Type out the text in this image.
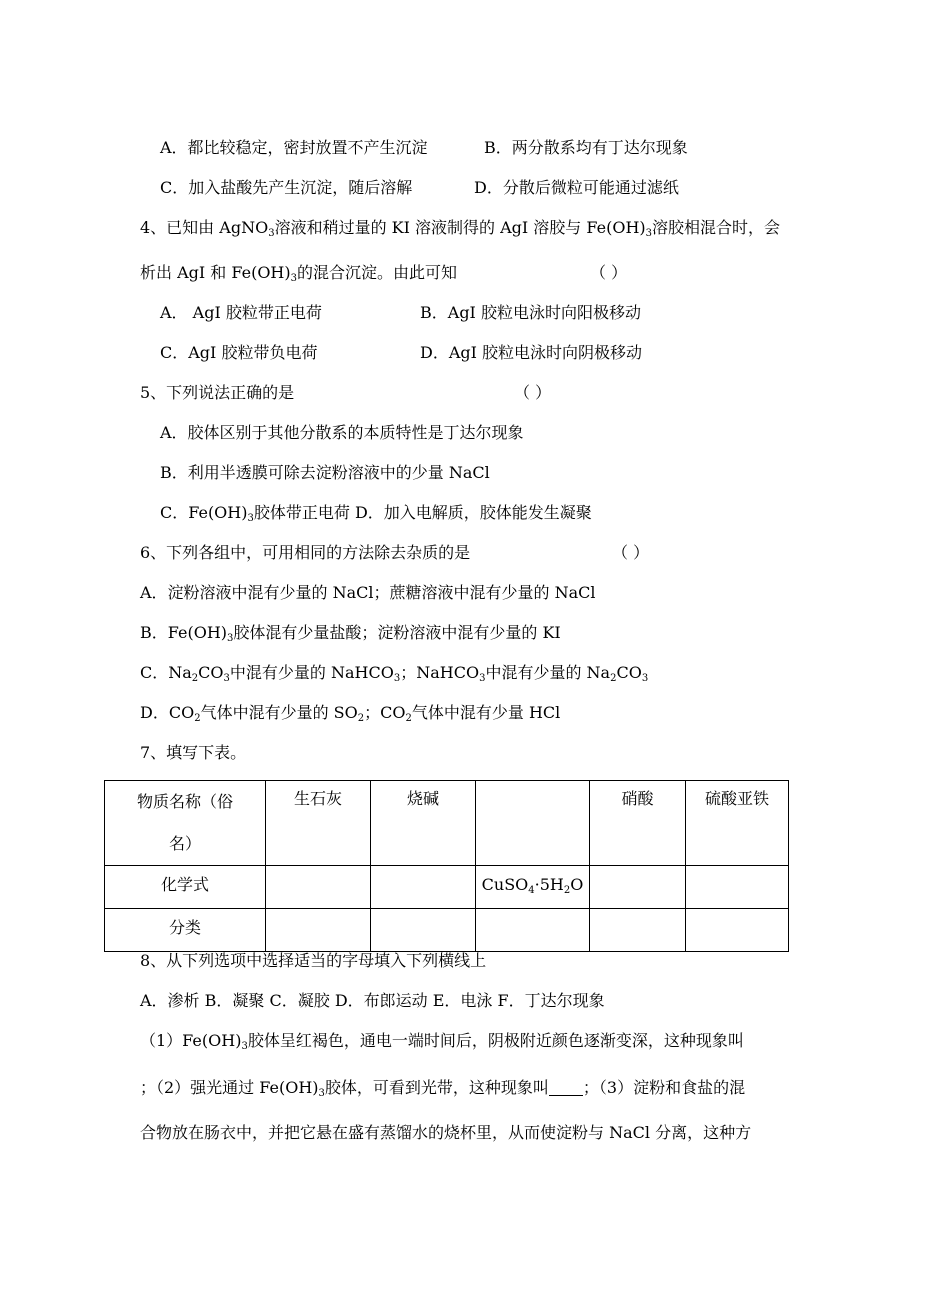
A．都比较稳定，密封放置不产生沉淀	B．两分散系均有丁达尔现象
C．加入盐酸先产生沉淀，随后溶解	D．分散后微粒可能通过滤纸
4、已知由 AgNO$_3$溶液和稍过量的 KI 溶液制得的 AgI 溶胶与 $Fe(OH)_3$溶胶相混合时，会
析出 AgI 和 $Fe(OH)_3$的混合沉淀。由此可知	（ ）
A． AgI 胶粒带正电荷	B．AgI 胶粒电泳时向阳极移动
C．AgI 胶粒带负电荷	D．AgI 胶粒电泳时向阴极移动
5、下列说法正确的是	（ ）
A．胶体区别于其他分散系的本质特性是丁达尔现象
B．利用半透膜可除去淀粉溶液中的少量 NaCl
C．$Fe(OH)_3$胶体带正电荷 D．加入电解质，胶体能发生凝聚
6、下列各组中，可用相同的方法除去杂质的是	（ ）
A．淀粉溶液中混有少量的 NaCl；蔗糖溶液中混有少量的 NaCl
B．$Fe(OH)_3$胶体混有少量盐酸；淀粉溶液中混有少量的 KI
C．$Na_2CO_3$中混有少量的 NaHCO$_3$；NaHCO$_3$中混有少量的 $Na_2CO_3$
D．$CO_2$气体中混有少量的 $SO_2$；$CO_2$气体中混有少量 HCl
7、填写下表。
物质名称（俗名）	生石灰	烧碱		硝酸	硫酸亚铁
化学式			$CuSO_4\cdot 5H_2O$		
分类					
8、从下列选项中选择适当的字母填入下列横线上
A．渗析 B．凝聚 C．凝胶 D．布郎运动 E．电泳 F．丁达尔现象
$(1)Fe(OH)_3$胶体呈红褐色，通电一端时间后，阴极附近颜色逐渐变深，这种现象叫
；（2）强光通过 $Fe(OH)_3$胶体，可看到光带，这种现象叫 ；（3）淀粉和食盐的混
合物放在肠衣中，并把它悬在盛有蒸馏水的烧杯里，从而使淀粉与 NaCl 分离，这种方
